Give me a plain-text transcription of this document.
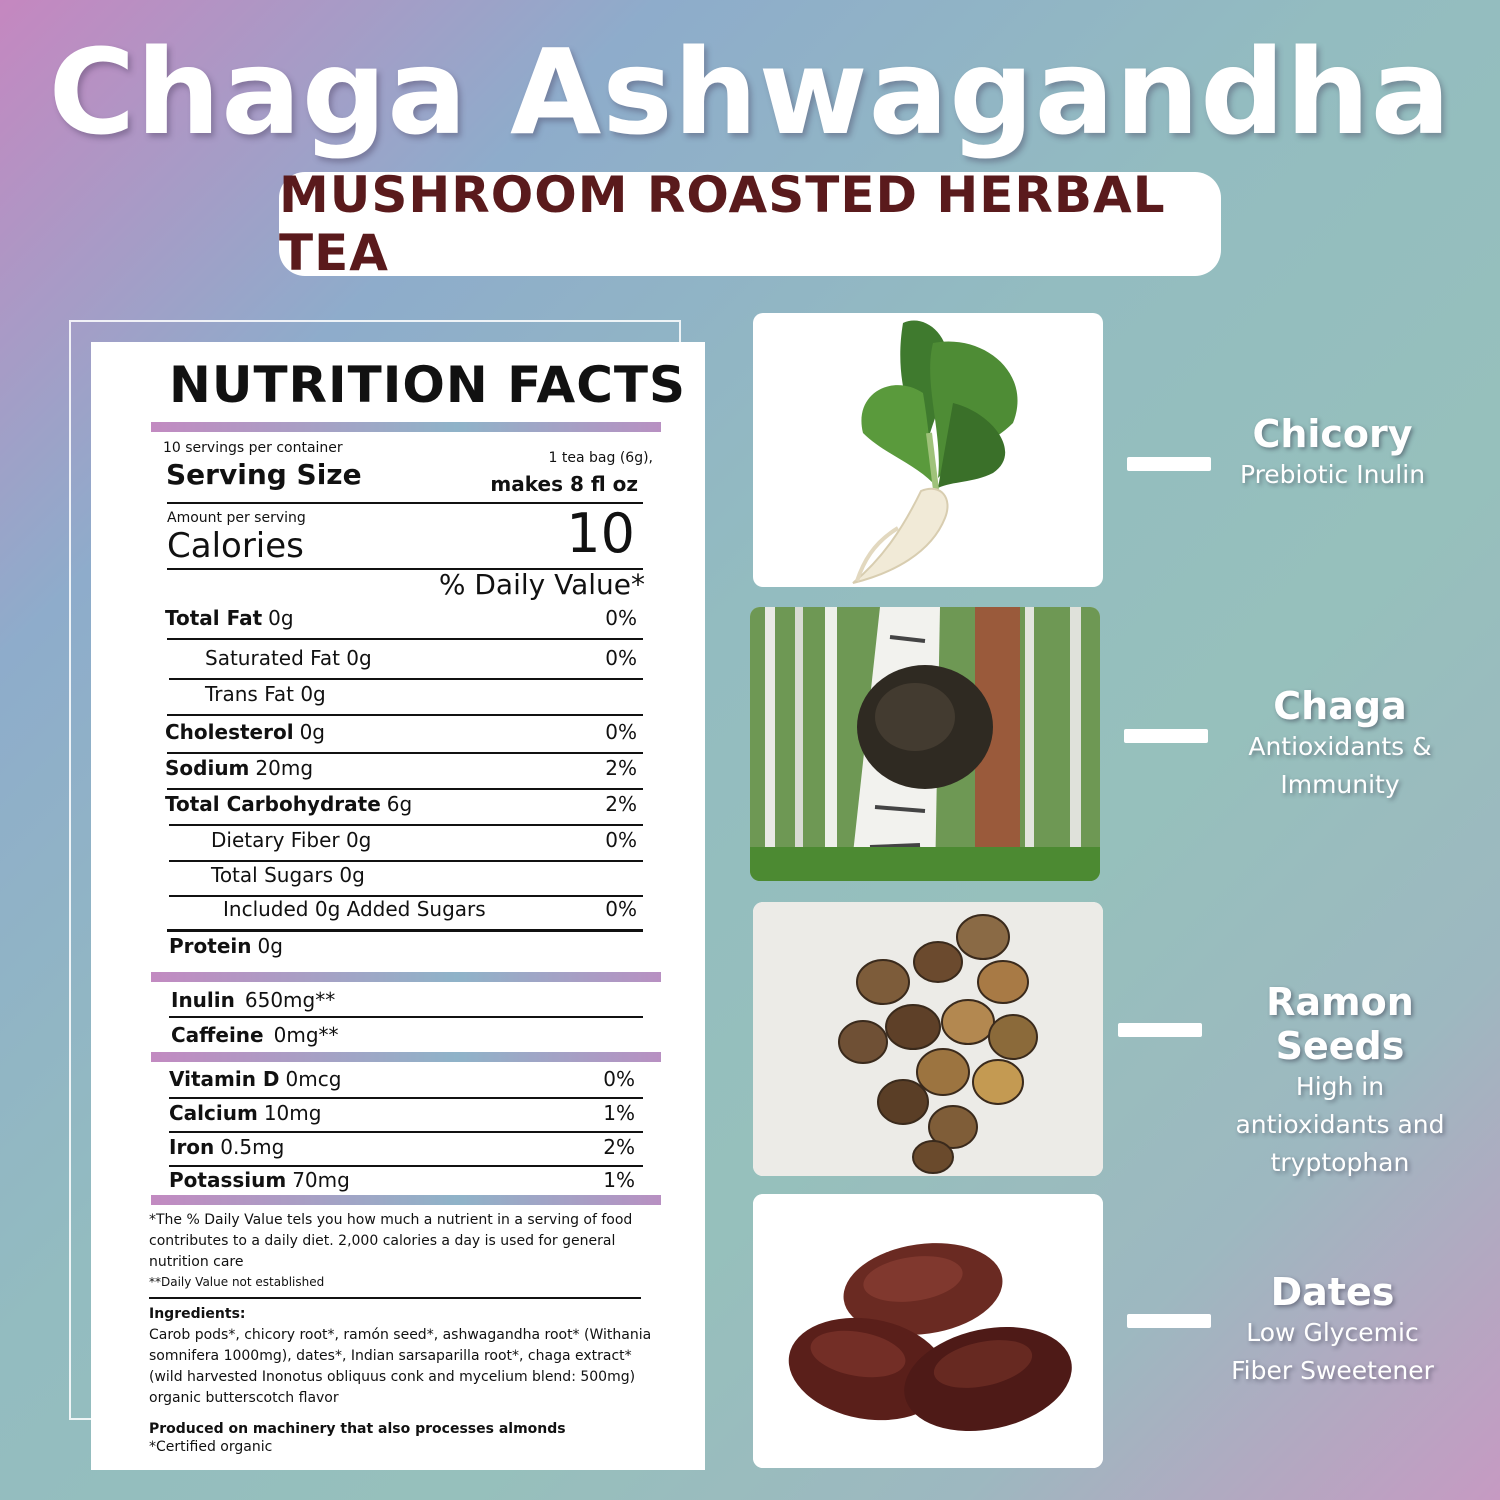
Chaga Ashwagandha
MUSHROOM ROASTED HERBAL TEA
NUTRITION FACTS
10 servings per container
Serving Size	1 tea bag (6g),
makes 8 fl oz
Amount per serving
Calories	10
% Daily Value*
*The % Daily Value tels you how much a nutrient in a serving of food contributes to a daily diet. 2,000 calories a day is used for general nutrition care
**Daily Value not established
Ingredients:
Carob pods*, chicory root*, ramón seed*, ashwagandha root* (Withania somnifera 1000mg), dates*, Indian sarsaparilla root*, chaga extract* (wild harvested Inonotus obliquus conk and mycelium blend: 500mg) organic butterscotch flavor
Produced on machinery that also processes almonds
*Certified organic
Total Fat 0g	0%
Saturated Fat 0g	0%
Trans Fat 0g
Cholesterol 0g	0%
Sodium 20mg	2%
Total Carbohydrate 6g	2%
Dietary Fiber 0g	0%
Total Sugars 0g
Included 0g Added Sugars	0%
Protein 0g
Inulin 650mg**
Caffeine 0mg**
Vitamin D 0mcg	0%
Calcium 10mg	1%
Iron 0.5mg	2%
Potassium 70mg	1%
Chicory
Prebiotic Inulin
Chaga
Antioxidants &
Immunity
Ramon Seeds
High in
antioxidants and
tryptophan
Dates
Low Glycemic
Fiber Sweetener
